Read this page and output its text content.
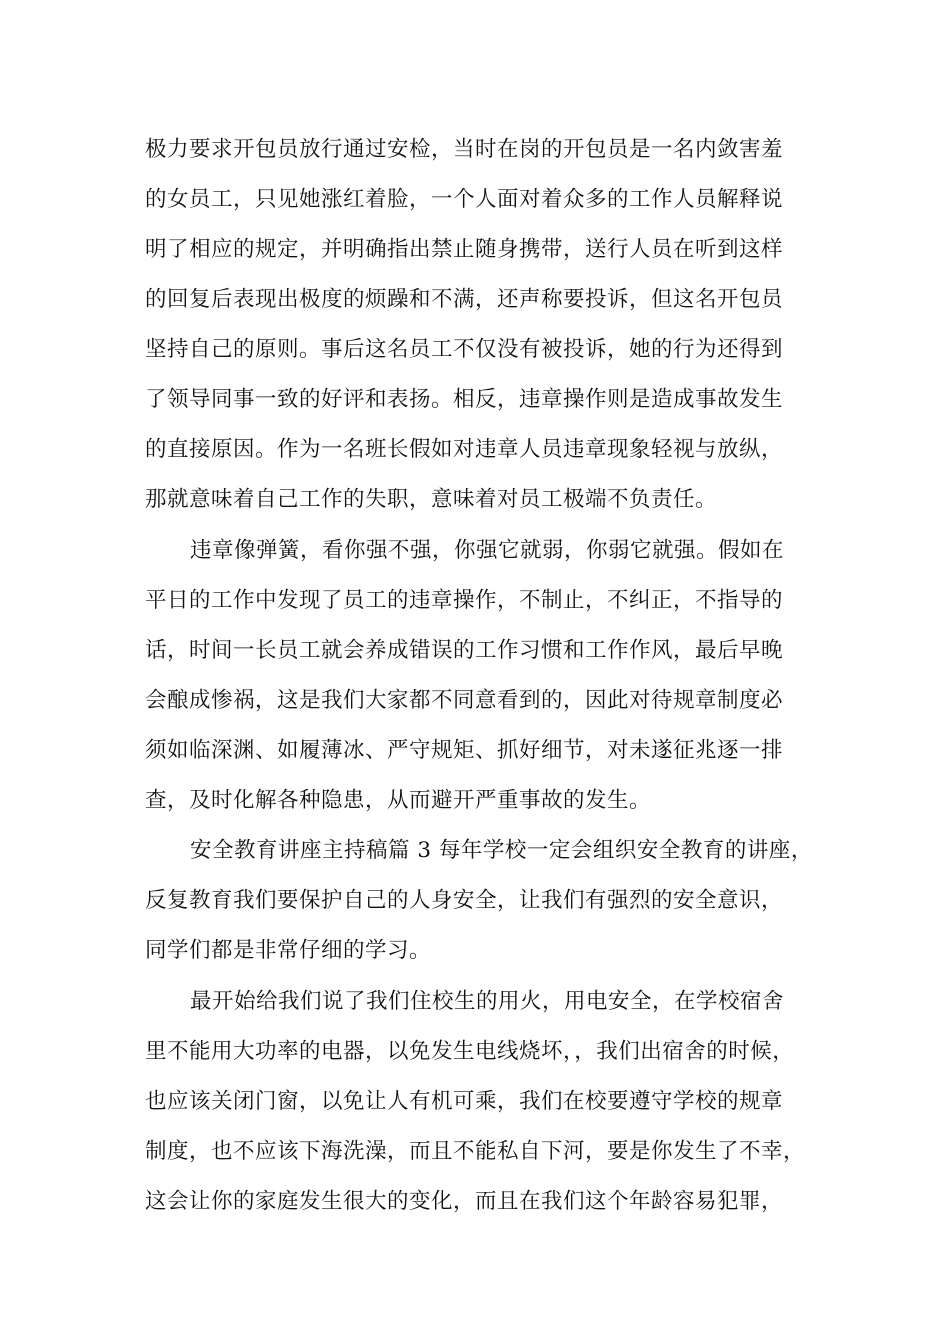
极力要求开包员放行通过安检，当时在岗的开包员是一名内敛害羞
的女员工，只见她涨红着脸，一个人面对着众多的工作人员解释说
明了相应的规定，并明确指出禁止随身携带，送行人员在听到这样
的回复后表现出极度的烦躁和不满，还声称要投诉，但这名开包员
坚持自己的原则。事后这名员工不仅没有被投诉，她的行为还得到
了领导同事一致的好评和表扬。相反，违章操作则是造成事故发生
的直接原因。作为一名班长假如对违章人员违章现象轻视与放纵，
那就意味着自己工作的失职，意味着对员工极端不负责任。
违章像弹簧，看你强不强，你强它就弱，你弱它就强。假如在
平日的工作中发现了员工的违章操作，不制止，不纠正，不指导的
话，时间一长员工就会养成错误的工作习惯和工作作风，最后早晚
会酿成惨祸，这是我们大家都不同意看到的，因此对待规章制度必
须如临深渊、如履薄冰、严守规矩、抓好细节，对未遂征兆逐一排
查，及时化解各种隐患，从而避开严重事故的发生。
安全教育讲座主持稿篇 3 每年学校一定会组织安全教育的讲座，
反复教育我们要保护自己的人身安全，让我们有强烈的安全意识，
同学们都是非常仔细的学习。
最开始给我们说了我们住校生的用火，用电安全，在学校宿舍
里不能用大功率的电器，以免发生电线烧坏，，我们出宿舍的时候，
也应该关闭门窗，以免让人有机可乘，我们在校要遵守学校的规章
制度，也不应该下海洗澡，而且不能私自下河，要是你发生了不幸，
这会让你的家庭发生很大的变化，而且在我们这个年龄容易犯罪，
